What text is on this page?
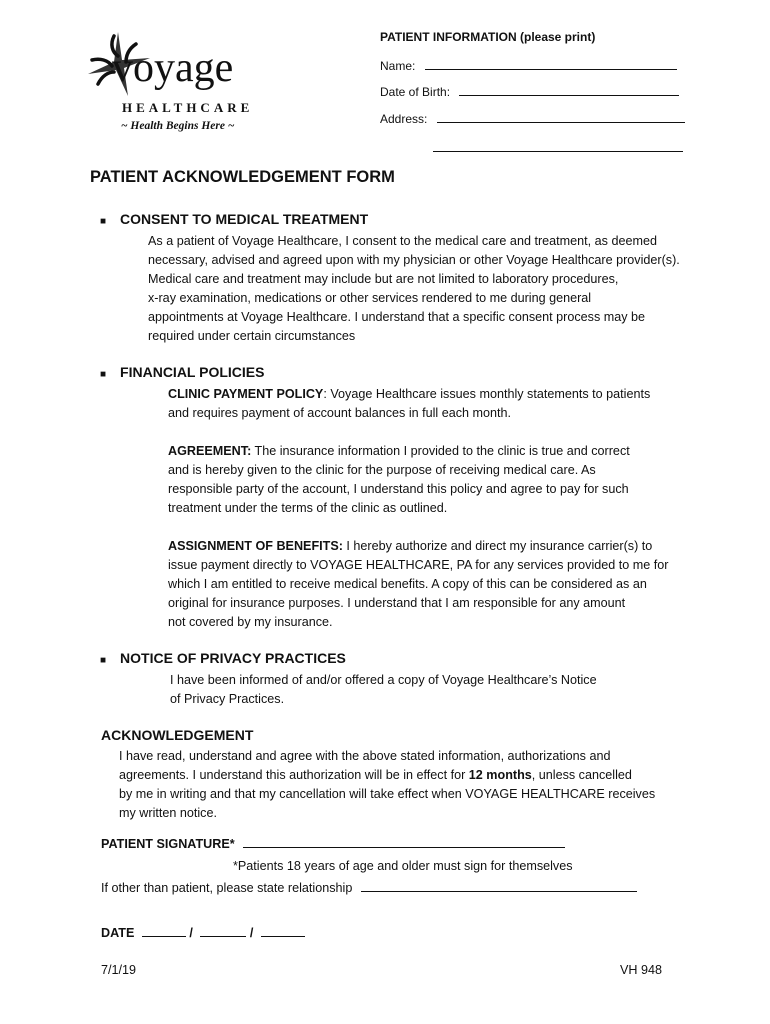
voyage
HEALTHCARE
~ Health Begins Here ~
PATIENT INFORMATION (please print)
Name:
Date of Birth:
Address:
PATIENT ACKNOWLEDGEMENT FORM
■ CONSENT TO MEDICAL TREATMENT

As a patient of Voyage Healthcare, I consent to the medical care and treatment, as deemed

necessary, advised and agreed upon with my physician or other Voyage Healthcare provider(s).

Medical care and treatment may include but are not limited to laboratory procedures,

x-ray examination, medications or other services rendered to me during general

appointments at Voyage Healthcare. I understand that a specific consent process may be

required under certain circumstances

■ FINANCIAL POLICIES

CLINIC PAYMENT POLICY: Voyage Healthcare issues monthly statements to patients

and requires payment of account balances in full each month.

AGREEMENT: The insurance information I provided to the clinic is true and correct

and is hereby given to the clinic for the purpose of receiving medical care. As

responsible party of the account, I understand this policy and agree to pay for such

treatment under the terms of the clinic as outlined.

ASSIGNMENT OF BENEFITS: I hereby authorize and direct my insurance carrier(s) to

issue payment directly to VOYAGE HEALTHCARE, PA for any services provided to me for

which I am entitled to receive medical benefits. A copy of this can be considered as an

original for insurance purposes. I understand that I am responsible for any amount

not covered by my insurance.

■ NOTICE OF PRIVACY PRACTICES

I have been informed of and/or offered a copy of Voyage Healthcare’s Notice

of Privacy Practices.

ACKNOWLEDGEMENT

I have read, understand and agree with the above stated information, authorizations and

agreements. I understand this authorization will be in effect for 12 months, unless cancelled

by me in writing and that my cancellation will take effect when VOYAGE HEALTHCARE receives

my written notice.

PATIENT SIGNATURE*
*Patients 18 years of age and older must sign for themselves
If other than patient, please state relationship
DATE	/	/
7/1/19	VH 948
